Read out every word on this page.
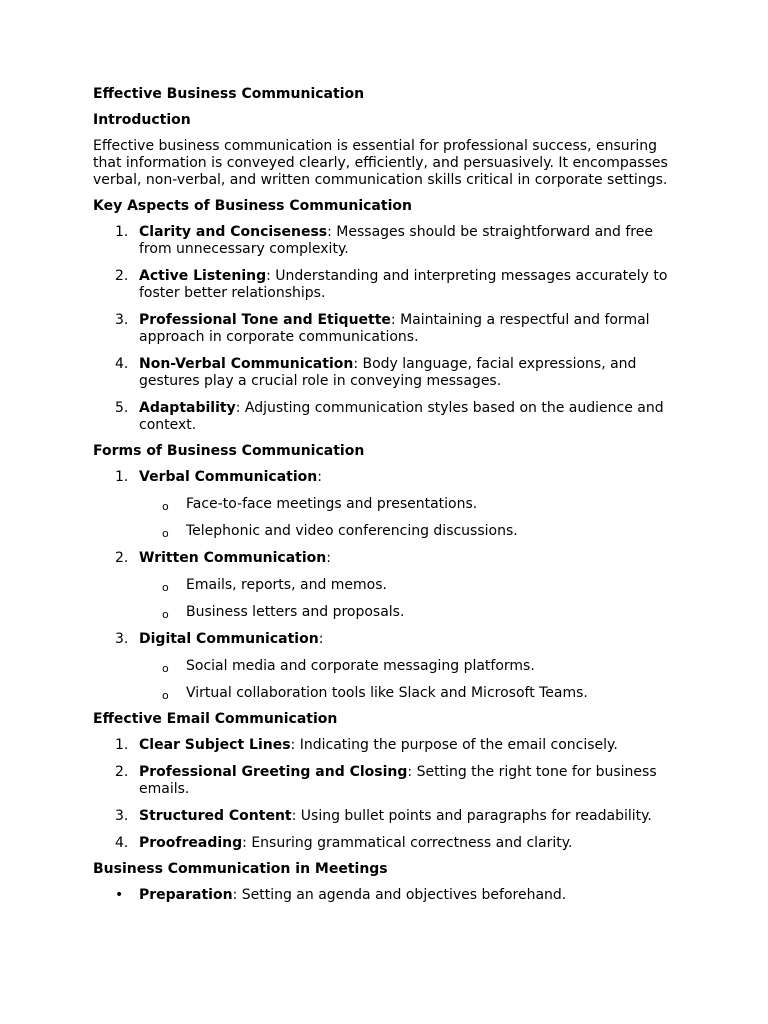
Effective Business Communication
Introduction
Effective business communication is essential for professional success, ensuring that information is conveyed clearly, efficiently, and persuasively. It encompasses verbal, non-verbal, and written communication skills critical in corporate settings.
Key Aspects of Business Communication
1. Clarity and Conciseness: Messages should be straightforward and free from unnecessary complexity.
2. Active Listening: Understanding and interpreting messages accurately to foster better relationships.
3. Professional Tone and Etiquette: Maintaining a respectful and formal approach in corporate communications.
4. Non-Verbal Communication: Body language, facial expressions, and gestures play a crucial role in conveying messages.
5. Adaptability: Adjusting communication styles based on the audience and context.
Forms of Business Communication
1. Verbal Communication:
o Face-to-face meetings and presentations.
o Telephonic and video conferencing discussions.
2. Written Communication:
o Emails, reports, and memos.
o Business letters and proposals.
3. Digital Communication:
o Social media and corporate messaging platforms.
o Virtual collaboration tools like Slack and Microsoft Teams.
Effective Email Communication
1. Clear Subject Lines: Indicating the purpose of the email concisely.
2. Professional Greeting and Closing: Setting the right tone for business emails.
3. Structured Content: Using bullet points and paragraphs for readability.
4. Proofreading: Ensuring grammatical correctness and clarity.
Business Communication in Meetings
• Preparation: Setting an agenda and objectives beforehand.
